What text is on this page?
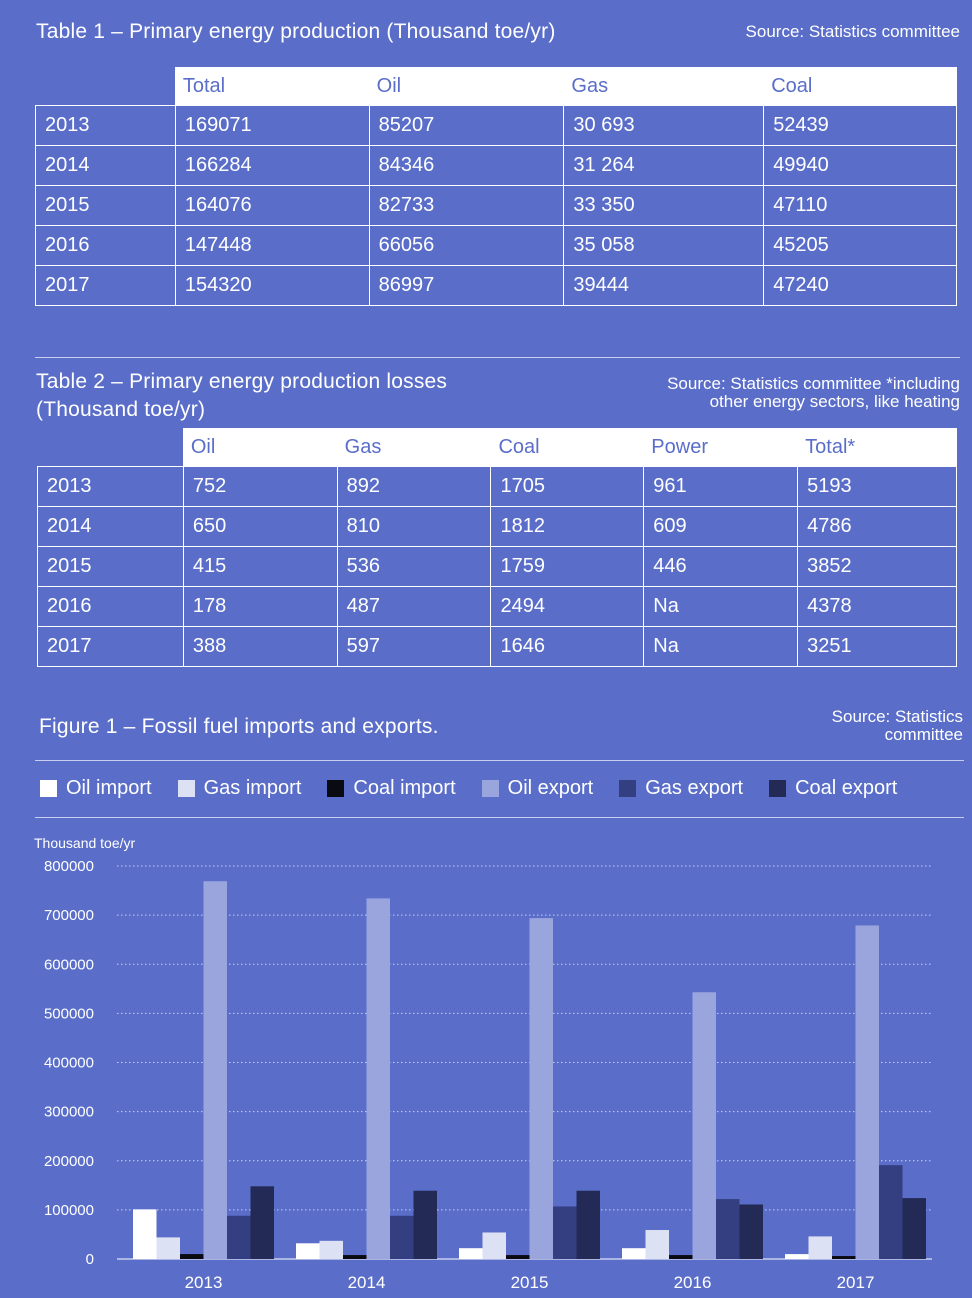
Table 1 – Primary energy production (Thousand toe/yr)	Source: Statistics committee
	Total	Oil	Gas	Coal
2013	169071	85207	30 693	52439
2014	166284	84346	31 264	49940
2015	164076	82733	33 350	47110
2016	147448	66056	35 058	45205
2017	154320	86997	39444	47240
Table 2 – Primary energy production losses
(Thousand toe/yr)
Source: Statistics committee *including
other energy sectors, like heating
	Oil	Gas	Coal	Power	Total*
2013	752	892	1705	961	5193
2014	650	810	1812	609	4786
2015	415	536	1759	446	3852
2016	178	487	2494	Na	4378
2017	388	597	1646	Na	3251
Figure 1 – Fossil fuel imports and exports.	Source: Statistics
committee
Oil import	Gas import	Coal import	Oil export	Gas export	Coal export
Thousand toe/yr
800000
700000
600000
500000
400000
300000
200000
100000
0
2013	2014	2015	2016	2017
